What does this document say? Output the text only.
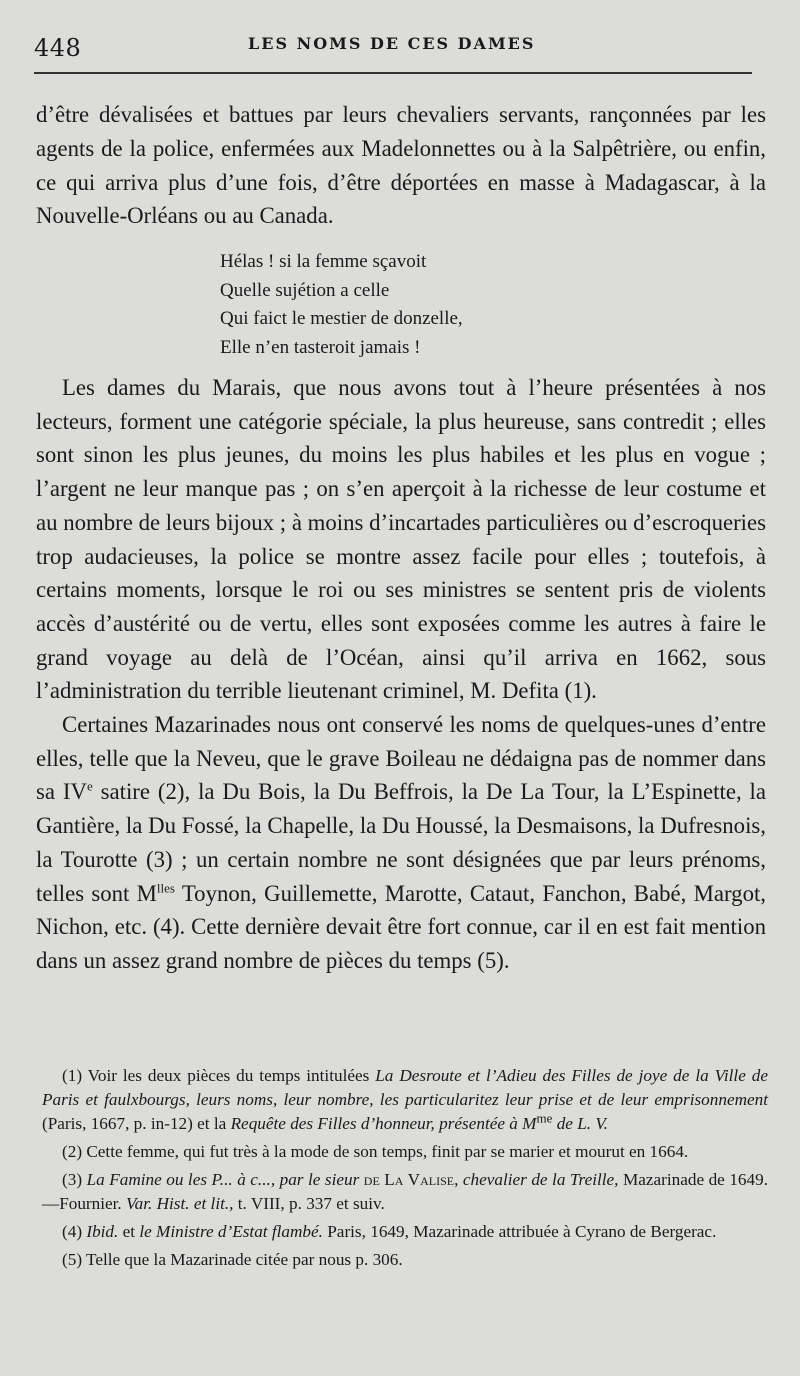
448	LES NOMS DE CES DAMES

d’être dévalisées et battues par leurs chevaliers servants, rançonnées par les agents de la police, enfermées aux Madelonnettes ou à la Salpêtrière, ou enfin, ce qui arriva plus d’une fois, d’être déportées en masse à Madagascar, à la Nouvelle-Orléans ou au Canada.

Hélas ! si la femme sçavoit
Quelle sujétion a celle
Qui faict le mestier de donzelle,
Elle n’en tasteroit jamais !

Les dames du Marais, que nous avons tout à l’heure présentées à nos lecteurs, forment une catégorie spéciale, la plus heureuse, sans contredit ; elles sont sinon les plus jeunes, du moins les plus habiles et les plus en vogue ; l’argent ne leur manque pas ; on s’en aperçoit à la richesse de leur costume et au nombre de leurs bijoux ; à moins d’incartades particulières ou d’escroqueries trop audacieuses, la police se montre assez facile pour elles ; toutefois, à certains moments, lorsque le roi ou ses ministres se sentent pris de violents accès d’austérité ou de vertu, elles sont exposées comme les autres à faire le grand voyage au delà de l’Océan, ainsi qu’il arriva en 1662, sous l’administration du terrible lieutenant criminel, M. Defita (1).

Certaines Mazarinades nous ont conservé les noms de quelques-unes d’entre elles, telle que la Neveu, que le grave Boileau ne dédaigna pas de nommer dans sa IVe satire (2), la Du Bois, la Du Beffrois, la De La Tour, la L’Espinette, la Gantière, la Du Fossé, la Chapelle, la Du Houssé, la Desmaisons, la Dufresnois, la Tourotte (3) ; un certain nombre ne sont désignées que par leurs prénoms, telles sont $M^{lles}$ Toynon, Guillemette, Marotte, Cataut, Fanchon, Babé, Margot, Nichon, etc. (4). Cette dernière devait être fort connue, car il en est fait mention dans un assez grand nombre de pièces du temps (5).

(1) Voir les deux pièces du temps intitulées La Desroute et l’Adieu des Filles de joye de la Ville de Paris et faulxbourgs, leurs noms, leur nombre, les particularitez leur prise et de leur emprisonnement (Paris, 1667, p. in-12) et la Requête des Filles d’honneur, présentée à $M^{me}$ de L. V.

(2) Cette femme, qui fut très à la mode de son temps, finit par se marier et mourut en 1664.

(3) La Famine ou les P... à c..., par le sieur de La Valise, chevalier de la Treille, Mazarinade de 1649.—Fournier. Var. Hist. et lit., t. VIII, p. 337 et suiv.

(4) Ibid. et le Ministre d’Estat flambé. Paris, 1649, Mazarinade attribuée à Cyrano de Bergerac.

(5) Telle que la Mazarinade citée par nous p. 306.
